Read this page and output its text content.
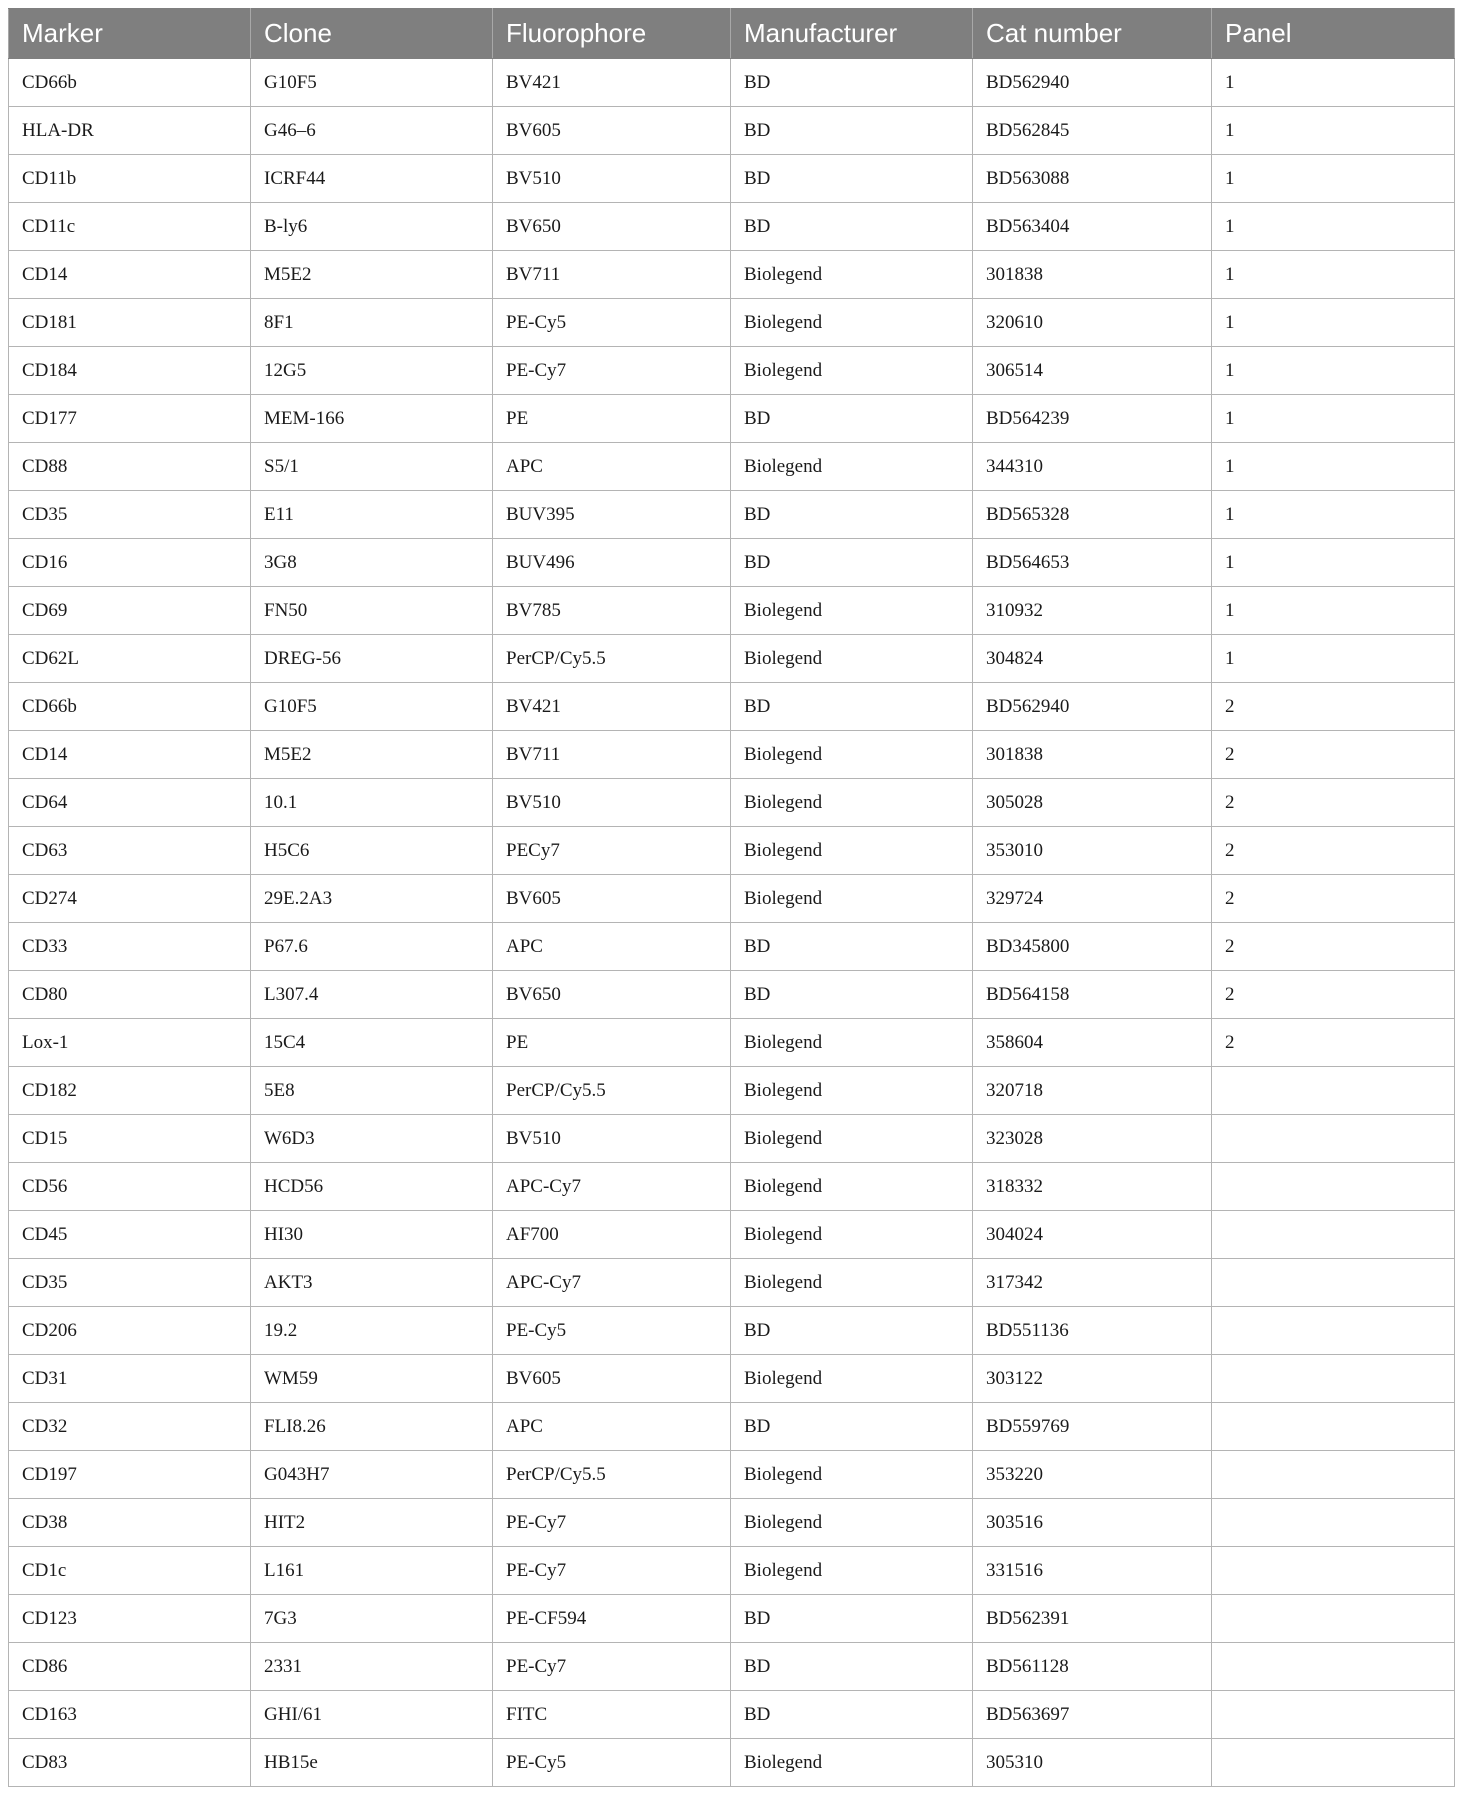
Marker	Clone	Fluorophore	Manufacturer	Cat number	Panel
CD66b	G10F5	BV421	BD	BD562940	1
HLA-DR	G46–6	BV605	BD	BD562845	1
CD11b	ICRF44	BV510	BD	BD563088	1
CD11c	B-ly6	BV650	BD	BD563404	1
CD14	M5E2	BV711	Biolegend	301838	1
CD181	8F1	PE-Cy5	Biolegend	320610	1
CD184	12G5	PE-Cy7	Biolegend	306514	1
CD177	MEM-166	PE	BD	BD564239	1
CD88	S5/1	APC	Biolegend	344310	1
CD35	E11	BUV395	BD	BD565328	1
CD16	3G8	BUV496	BD	BD564653	1
CD69	FN50	BV785	Biolegend	310932	1
CD62L	DREG-56	PerCP/Cy5.5	Biolegend	304824	1
CD66b	G10F5	BV421	BD	BD562940	2
CD14	M5E2	BV711	Biolegend	301838	2
CD64	10.1	BV510	Biolegend	305028	2
CD63	H5C6	PECy7	Biolegend	353010	2
CD274	29E.2A3	BV605	Biolegend	329724	2
CD33	P67.6	APC	BD	BD345800	2
CD80	L307.4	BV650	BD	BD564158	2
Lox-1	15C4	PE	Biolegend	358604	2
CD182	5E8	PerCP/Cy5.5	Biolegend	320718	
CD15	W6D3	BV510	Biolegend	323028	
CD56	HCD56	APC-Cy7	Biolegend	318332	
CD45	HI30	AF700	Biolegend	304024	
CD35	AKT3	APC-Cy7	Biolegend	317342	
CD206	19.2	PE-Cy5	BD	BD551136	
CD31	WM59	BV605	Biolegend	303122	
CD32	FLI8.26	APC	BD	BD559769	
CD197	G043H7	PerCP/Cy5.5	Biolegend	353220	
CD38	HIT2	PE-Cy7	Biolegend	303516	
CD1c	L161	PE-Cy7	Biolegend	331516	
CD123	7G3	PE-CF594	BD	BD562391	
CD86	2331	PE-Cy7	BD	BD561128	
CD163	GHI/61	FITC	BD	BD563697	
CD83	HB15e	PE-Cy5	Biolegend	305310	
